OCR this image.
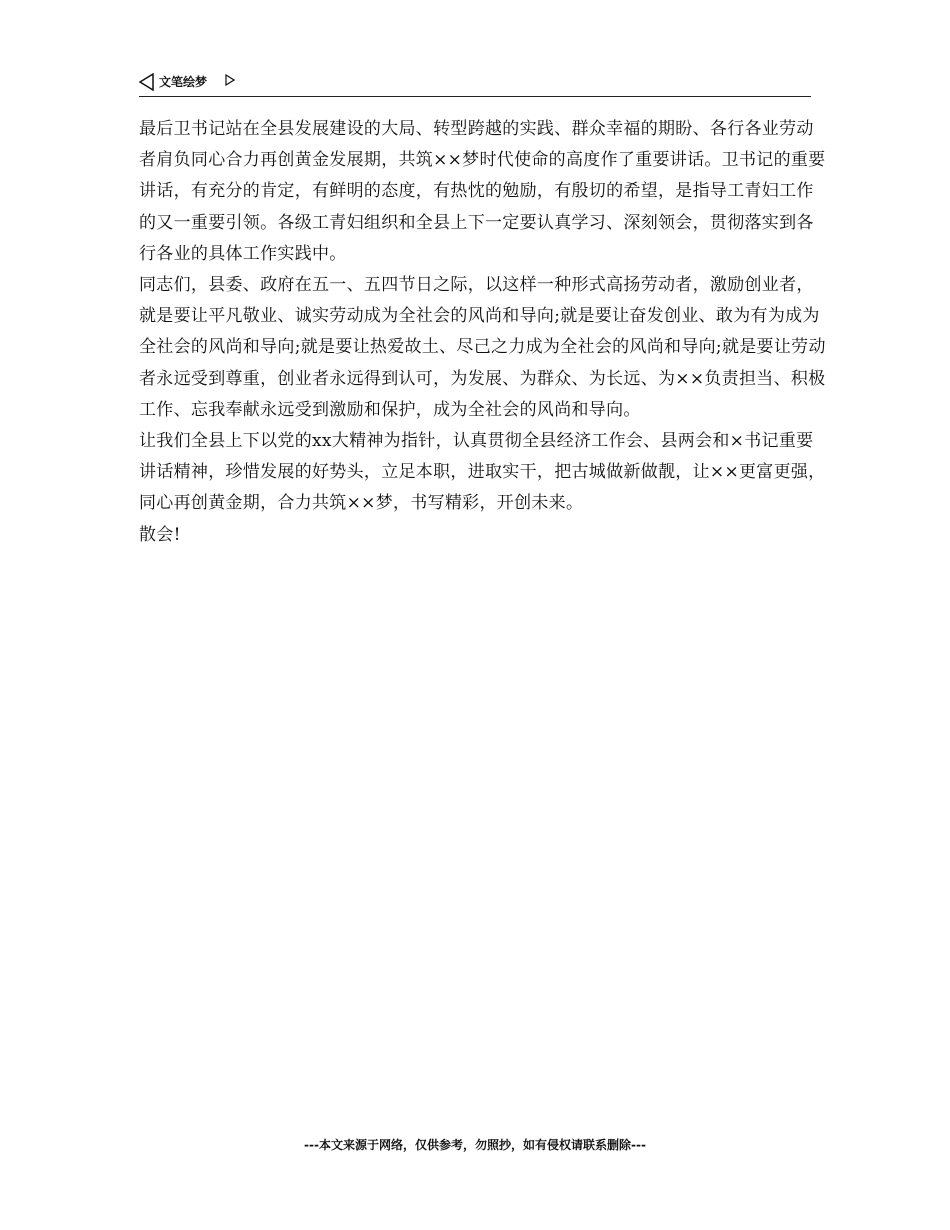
文笔绘梦

最后卫书记站在全县发展建设的大局、转型跨越的实践、群众幸福的期盼、各行各业劳动者肩负同心合力再创黄金发展期，共筑××梦时代使命的高度作了重要讲话。卫书记的重要讲话，有充分的肯定，有鲜明的态度，有热忱的勉励，有殷切的希望，是指导工青妇工作的又一重要引领。各级工青妇组织和全县上下一定要认真学习、深刻领会，贯彻落实到各行各业的具体工作实践中。

同志们，县委、政府在五一、五四节日之际，以这样一种形式高扬劳动者，激励创业者，就是要让平凡敬业、诚实劳动成为全社会的风尚和导向;就是要让奋发创业、敢为有为成为全社会的风尚和导向;就是要让热爱故土、尽己之力成为全社会的风尚和导向;就是要让劳动者永远受到尊重，创业者永远得到认可，为发展、为群众、为长远、为××负责担当、积极工作、忘我奉献永远受到激励和保护，成为全社会的风尚和导向。

让我们全县上下以党的xx大精神为指针，认真贯彻全县经济工作会、县两会和×书记重要讲话精神，珍惜发展的好势头，立足本职，进取实干，把古城做新做靓，让××更富更强，同心再创黄金期，合力共筑××梦，书写精彩，开创未来。

散会!

---本文来源于网络，仅供参考，勿照抄，如有侵权请联系删除---
